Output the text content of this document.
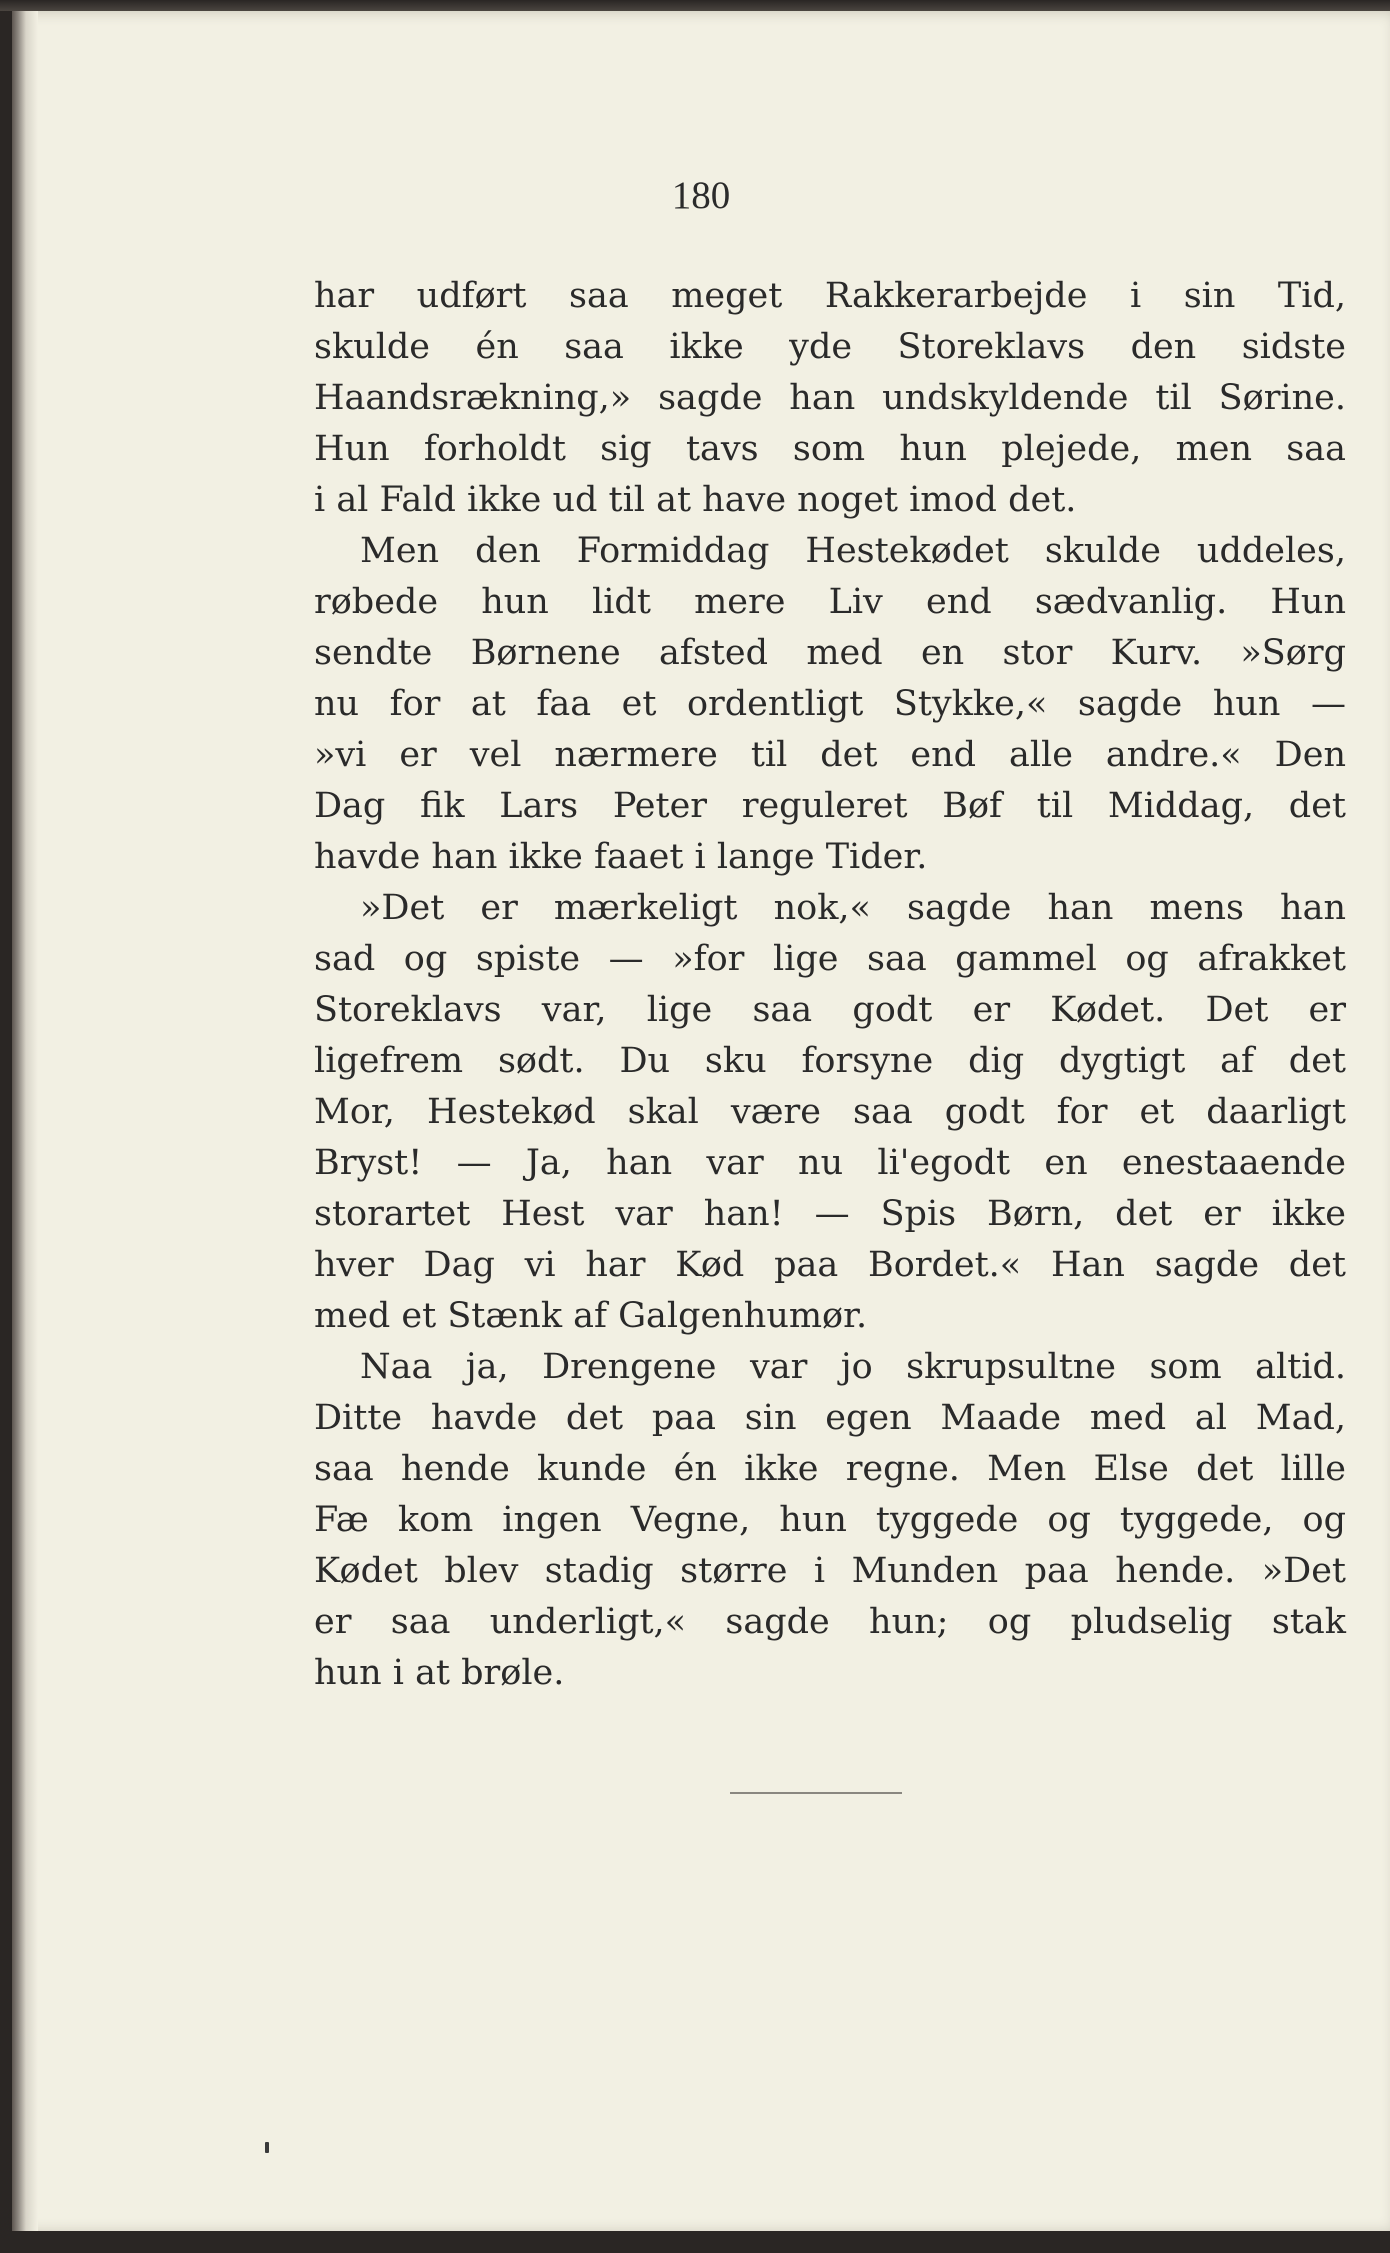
180
har udført saa meget Rakkerarbejde i sin Tid,
skulde én saa ikke yde Storeklavs den sidste
Haandsrækning,» sagde han undskyldende til Sørine.
Hun forholdt sig tavs som hun plejede, men saa
i al Fald ikke ud til at have noget imod det.
Men den Formiddag Hestekødet skulde uddeles,
røbede hun lidt mere Liv end sædvanlig. Hun
sendte Børnene afsted med en stor Kurv. »Sørg
nu for at faa et ordentligt Stykke,« sagde hun —
»vi er vel nærmere til det end alle andre.« Den
Dag fik Lars Peter reguleret Bøf til Middag, det
havde han ikke faaet i lange Tider.
»Det er mærkeligt nok,« sagde han mens han
sad og spiste — »for lige saa gammel og afrakket
Storeklavs var, lige saa godt er Kødet. Det er
ligefrem sødt. Du sku forsyne dig dygtigt af det
Mor, Hestekød skal være saa godt for et daarligt
Bryst! — Ja, han var nu li'egodt en enestaaende
storartet Hest var han! — Spis Børn, det er ikke
hver Dag vi har Kød paa Bordet.« Han sagde det
med et Stænk af Galgenhumør.
Naa ja, Drengene var jo skrupsultne som altid.
Ditte havde det paa sin egen Maade med al Mad,
saa hende kunde én ikke regne. Men Else det lille
Fæ kom ingen Vegne, hun tyggede og tyggede, og
Kødet blev stadig større i Munden paa hende. »Det
er saa underligt,« sagde hun; og pludselig stak
hun i at brøle.
